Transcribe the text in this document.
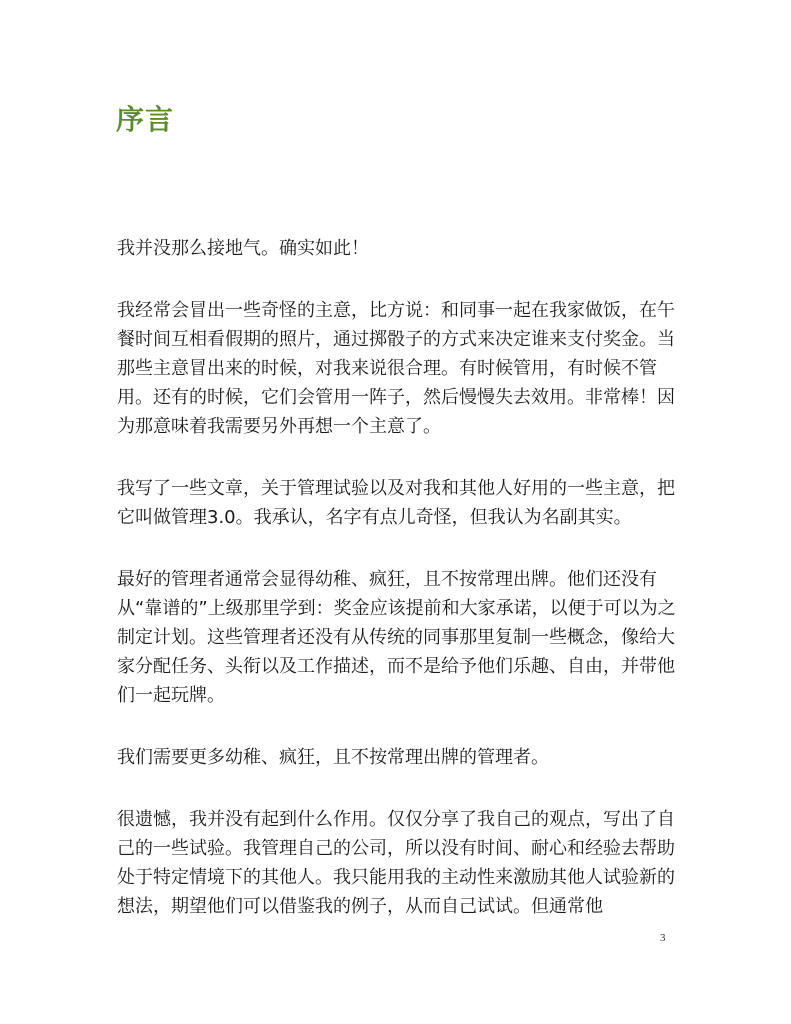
序言

我并没那么接地气。确实如此！

我经常会冒出一些奇怪的主意，比方说：和同事一起在我家做饭，在午餐时间互相看假期的照片，通过掷骰子的方式来决定谁来支付奖金。当那些主意冒出来的时候，对我来说很合理。有时候管用，有时候不管用。还有的时候，它们会管用一阵子，然后慢慢失去效用。非常棒！因为那意味着我需要另外再想一个主意了。

我写了一些文章，关于管理试验以及对我和其他人好用的一些主意，把它叫做管理3.0。我承认，名字有点儿奇怪，但我认为名副其实。

最好的管理者通常会显得幼稚、疯狂，且不按常理出牌。他们还没有从“靠谱的”上级那里学到：奖金应该提前和大家承诺，以便于可以为之制定计划。这些管理者还没有从传统的同事那里复制一些概念，像给大家分配任务、头衔以及工作描述，而不是给予他们乐趣、自由，并带他们一起玩牌。

我们需要更多幼稚、疯狂，且不按常理出牌的管理者。

很遗憾，我并没有起到什么作用。仅仅分享了我自己的观点，写出了自己的一些试验。我管理自己的公司，所以没有时间、耐心和经验去帮助处于特定情境下的其他人。我只能用我的主动性来激励其他人试验新的想法，期望他们可以借鉴我的例子，从而自己试试。但通常他

3
